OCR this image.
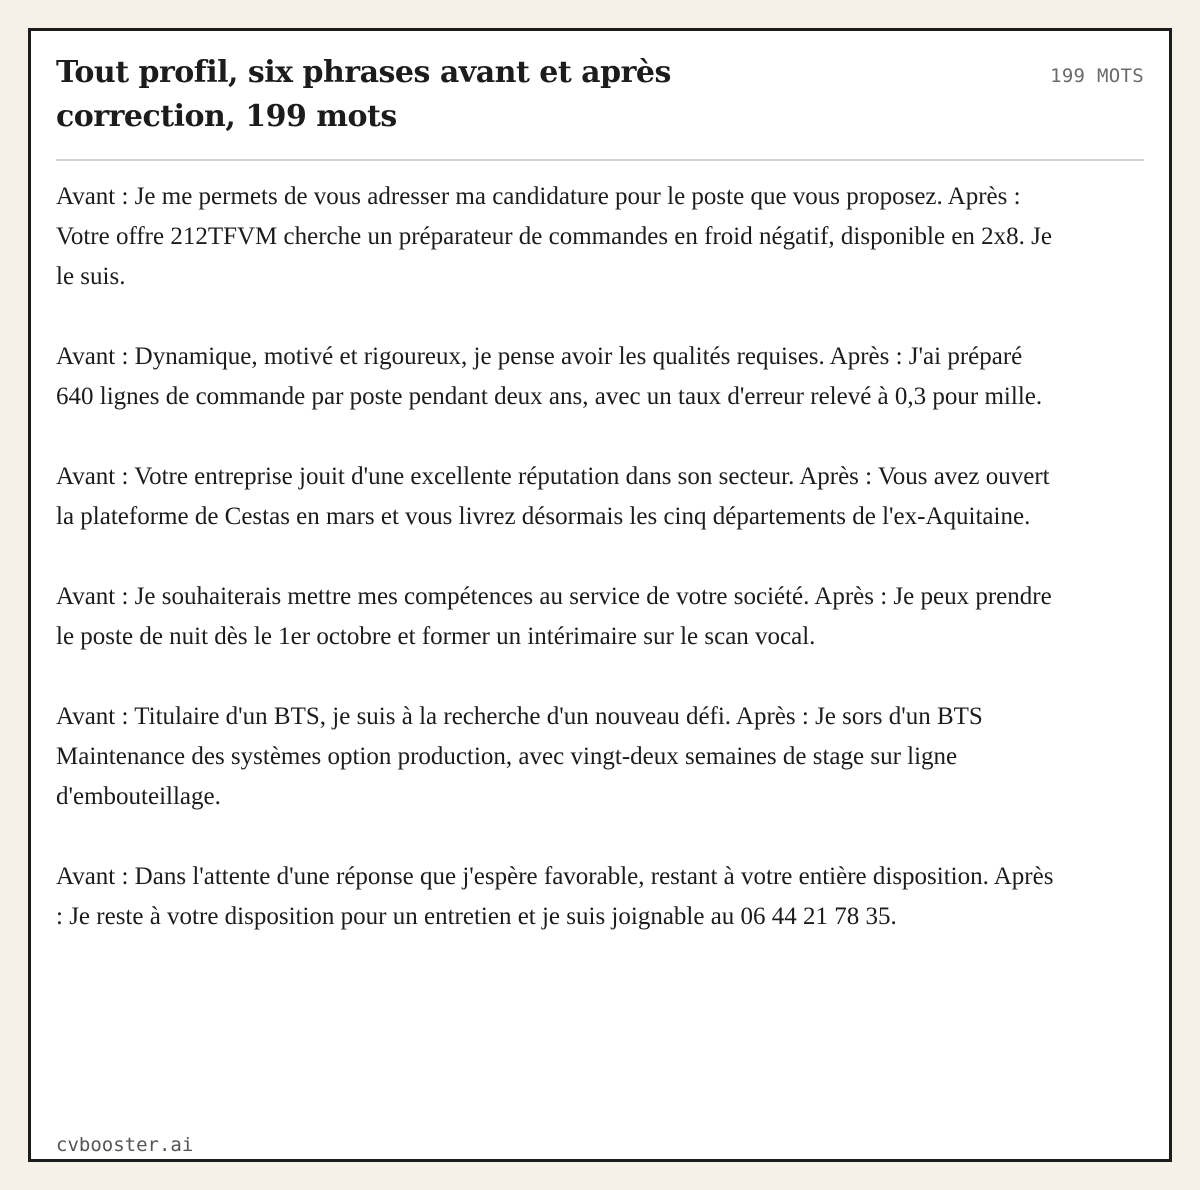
Tout profil, six phrases avant et après correction, 199 mots
199 MOTS

Avant : Je me permets de vous adresser ma candidature pour le poste que vous proposez. Après : Votre offre 212TFVM cherche un préparateur de commandes en froid négatif, disponible en 2x8. Je le suis.

Avant : Dynamique, motivé et rigoureux, je pense avoir les qualités requises. Après : J'ai préparé 640 lignes de commande par poste pendant deux ans, avec un taux d'erreur relevé à 0,3 pour mille.

Avant : Votre entreprise jouit d'une excellente réputation dans son secteur. Après : Vous avez ouvert la plateforme de Cestas en mars et vous livrez désormais les cinq départements de l'ex-Aquitaine.

Avant : Je souhaiterais mettre mes compétences au service de votre société. Après : Je peux prendre le poste de nuit dès le 1er octobre et former un intérimaire sur le scan vocal.

Avant : Titulaire d'un BTS, je suis à la recherche d'un nouveau défi. Après : Je sors d'un BTS Maintenance des systèmes option production, avec vingt-deux semaines de stage sur ligne d'embouteillage.

Avant : Dans l'attente d'une réponse que j'espère favorable, restant à votre entière disposition. Après : Je reste à votre disposition pour un entretien et je suis joignable au 06 44 21 78 35.

cvbooster.ai
